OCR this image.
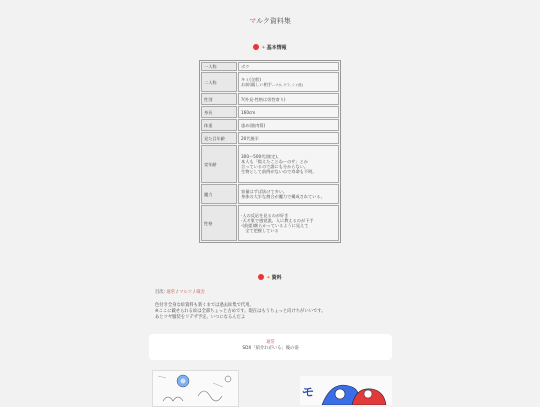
マルク資料集
✦基本情報
一人称	ボク
二人称	キミ(全般)
お前(親しい相手…マホ, ゲラ, シャ他)

性別	?(外見·性格は男性寄り)
身長	160cm
体重	重め(筋肉質)
見た目年齢	20代後半
実年齢	300〜500代(推定)。
本人も「数えたことねーのサ」とか
言っているので誰にも分からない。
生物として前例がないので寿命も不明。

魔力	容量はずば抜けて多い。
身体の大半な割合が魔力で構成されている。

性格	·人の反応を見るのが好き
·天才肌で感覚派。人に教えるのが下手
·(前提)敵らかっているように見えて
　全て把握している
✦資料
目次: 通常 / マルツ / 蔵舎
色付き全身な絵資料も新くまでは過去絵集で代用。
※ここに載せられる絵は全部ちょっと古めです。現在はもうちょっと向けちがいいです。
あとツヤ服装をリデザ予定。いつになるんだよ
通常
SDX「紹介れがいる」後の姿
モ
